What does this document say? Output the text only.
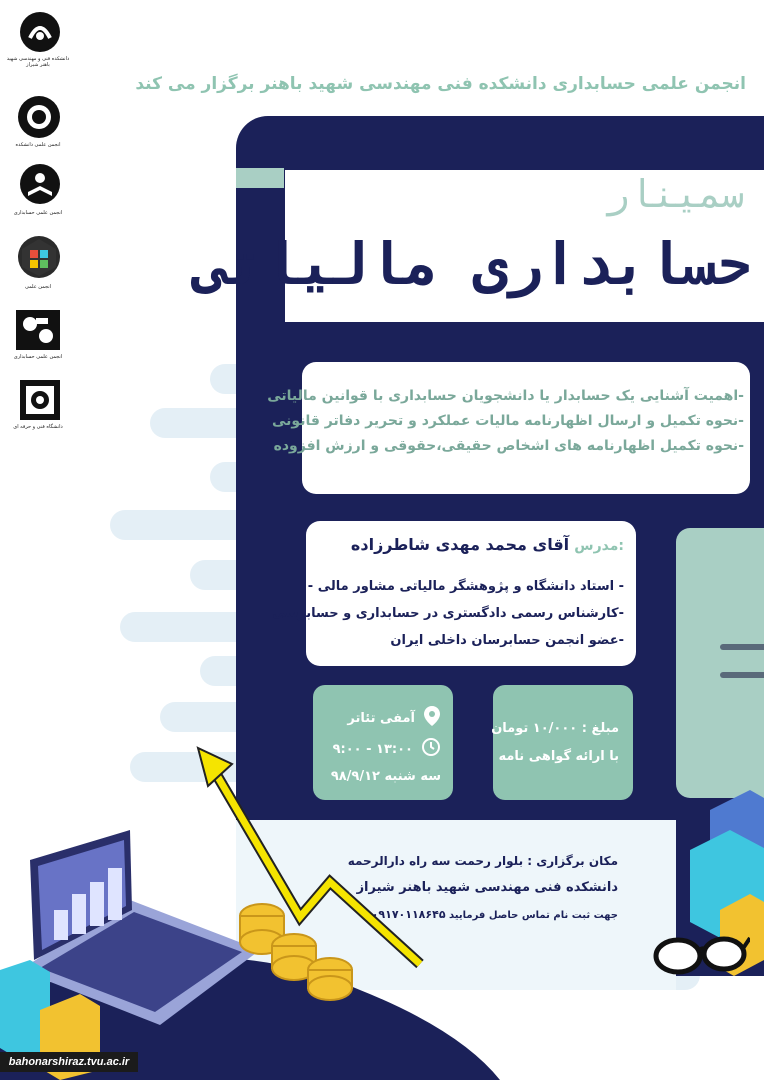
دانشکده فنی و مهندسی شهید باهنر شیراز
انجمن علمی دانشکده
انجمن علمی حسابداری
انجمن علمی
انجمن علمی حسابداری
دانشگاه فنی و حرفه ای
انجمن علمی حسابداری دانشکده فنی مهندسی شهید باهنر برگزار می کند
سمینار
حسابداری مالیاتی
-اهمیت آشنایی یک حسابدار یا دانشجویان حسابداری با قوانین مالیاتی
-نحوه تکمیل و ارسال اظهارنامه مالیات عملکرد و تحریر دفاتر قانونی
-نحوه تکمیل اظهارنامه های اشخاص حقیقی،حقوقی و ارزش افزوده
:مدرس آقای محمد مهدی شاطرزاده
- استاد دانشگاه و پژوهشگر مالیاتی مشاور مالی -
-کارشناس رسمی دادگستری در حسابداری و حسابرسی
-عضو انجمن حسابرسان داخلی ایران
آمفی تئاتر
۹:۰۰ - ۱۳:۰۰
سه شنبه ۹۸/۹/۱۲
مبلغ : ۱۰/۰۰۰ تومان
با ارائه گواهی نامه
مکان برگزاری : بلوار رحمت سه راه دارالرحمه
دانشکده فنی مهندسی شهید باهنر شیراز
جهت ثبت نام تماس حاصل فرمایید ۰۹۱۷۰۱۱۸۶۴۵
bahonarshiraz.tvu.ac.ir
